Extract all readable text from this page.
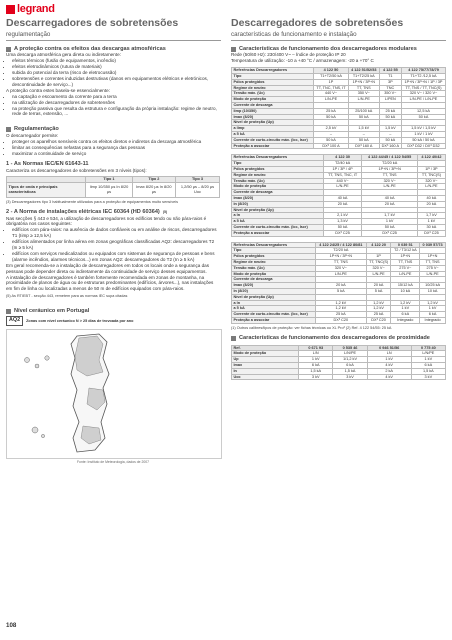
legrand
Descarregadores de sobretensões	Descarregadores de sobretensões
regulamentação	características de funcionamento e instalação
A proteção contra os efeitos das descargas atmosféricas

Uma descarga atmosférica gera direta ou indiretamente:

• efeitos térmicos (fusão de equipamentos, incêndio)
• efeitos eletrodinâmicos (rutura de materiais)
• subida do potencial da terra (risco de eletrocussão)
• sobretensões e correntes induzidas destrutivas (danos em equipamentos elétricos e eletrónicos, descontinuidade de serviço...)

A proteção contra estes basela-se essencialmente:

• na captação e escoamento da corrente para a terra
• na utilização de descarregadores de sobretensões
• na proteção passiva que resulta da estrutura e configuração da própria instalação: regime de neutro, rede de terras, extensão, ...
Regulamentação

O descarregador permite:

• proteger os aparelhos sensíveis contra os efeitos diretos e indiretos da descarga atmosférica
• limitar as consequências nefastas para a segurança das pessoas
• maximizar a continuidade de serviço
1 - As Normas IEC/EN 61643-11

Caracteriza os descarregadores de sobretensões em 3 níveis (tipos):

	Tipo 1	Tipo 2	Tipo 3
Tipos de onda e principais características	Iimp 10/350 µs In 8/20 µs	Imax 8/20 µs In 8/20 µs	1,2/50 µs – 8/20 µs Uoc

(3) Descarregadores tipo 3 habitualmente utilizados para a proteção de equipamentos muito sensíveis

2 - A Norma de instalações elétricas IEC 60364 (HD 60364) (5)

Nas secções § 443 e 534, a utilização de descarregadores nos edifícios tendo ou não pára-raios é obrigatória nos casos seguintes:

• edifícios com pára-raios: na ausência de dados confiáveis ou em análise de riscos, descarregadores T1 (Iimp ≥ 12,5 kA)
• edifícios alimentados por linha aérea em zonas geográficas classificadas AQ2: descarregadores T2 (In ≥ 5 kA)
• edifícios com serviços medicalizados ou equipados com sistemas de segurança de pessoas e bens (alarme incêndios, alarmes técnicos...) em zonas AQ2: descarregadores do T2 (In ≥ 5 kA)

Em geral recomenda-se a instalação de descarregadores em todos os locais onde a segurança das pessoas pode depender direta ou indiretamente da continuidade de serviço desses equipamentos.

A instalação de descarregadores é também fortemente recomendada em zonas de montanha, na proximidade de planos de água ou de estruturas predominantes (edifícios, árvores...), nas instalações em fim de linha ou localizadas a menos de 50 m de edifícios equipados com pára-raios.

(5) As RTIEBT - secção 443, remetem para as normas IEC supa citadas

Nível ceráunico em Portugal
AQ2	Zonas com nível ceráunico N > 25 dias de trovoada por ano
Fonte: Instituto de Meteorologia, dados de 2007
Características de funcionamento dos descarregadores modulares

Rede (50/60 Hz): 230/400 V~ – Índice de proteção IP 20

Temperatura de utilização: -10 a +40 °C / armazenagem: -20 a +70° C

Referências Descarregadores	4 122 50	4 122 51/52/53	4 122 55	4 122 75/77/78/79
Tipo	T1+T2/50 kA	T1+T2/25 kA	T1	T1+T2 /12,5 kA
Pólos protegidos	1P	1P+N / 3P+N	3P	1P+N / 3P+N / 1P / 3P
Regime de neutro	TT, TNC, TNS, IT	TT, TNS	TNC	TT, TNS / TT, TNC(S)
Tensão máx. (Uc)	440 V~	350 V~	350 V~	320 V~ / 320 V~
Modo de proteção	L/N-PE	L/N-PE	L/PEN	L/N-PE / L/N-PE
Corrente de descarga				
Iimp (10/350)	25 kA	25/100 kA	25 kA	12,5 kA
Imax (8/20)	50 kA	50 kA	50 kA	50 kA
Nível de proteção (Up)				
a Iimp	2,5 kV	1,5 kV	1,5 kV	1,5 kV / 1,5 kV
a 5 kA	–	–	–	1 kV / 1 kV
Corrente de curto-circuito máx. (Icc, Iscr)	50 kA	50 kA	50 kA	50 kA / 50 kA
Proteção a associar	DX³ 100 A	DX³ 160 A	DX³ 160 A	DX³ D32 / DX³ D32
Referências Descarregadores	4 122 30	4 122 44/45 / 4 122 54/55	4 122 40/42
Tipo	T2/40 kA	T2/20 kA	
Pólos protegidos	1P / 3P / 4P	1P+N / 3P+N	1P / 3P
Regime de neutro	TT, TNS, TNC, IT	TT, TNS	TT, TNC(S)
Tensão máx. (Uc)	440 V~	320 V~	320 V~
Modo de proteção	L/N-PE	L/N-PE	L/N-PE
Corrente de descarga			
Imax (8/20)	40 kA	40 kA	40 kA
In (8/20)	20 kA	20 kA	20 kA
Nível de proteção (Up)			
a In	2,1 kV	1,7 kV	1,7 kV
a 5 kA	1,3 kV	1 kV	1 kV
Corrente de curto-circuito máx. (Icc, Iscr)	50 kA	50 kA	30 kA
Proteção a associar	DX³ C25	DX³ C25	DX³ C25
Referências Descarregadores	4 122 24/25 / 4 122 80/81	4 122 20	0 039 51	0 039 57/73
Tipo	T2/20 kA		T2 / T3/12 kA	
Pólos protegidos	1P+N / 3P+N	1P	1P+N	1P+N
Regime de neutro	TT, TNS	TT, TNC(S)	TT, TNS	TT, TNS
Tensão máx. (Uc)	320 V~	320 V~	275 V~	275 V~
Modo de proteção	L/N-PE	L/N-PE	L/N-PE	L/N-PE
Corrente de descarga				
Imax (8/20)	20 kA	20 kA	15/12 kA	10/25 kA
In (8/20)	5 kA	5 kA	10 kA	10 kA
Nível de proteção (Up)				
a In	1,2 kV	1,2 kV	1,2 kV	1,2 kV
a 5 kA	1,2 kV	1,2 kV	1 kV	1 kV
Corrente de curto-circuito máx. (Icc, Iscr)	25 kA	25 kA	6 kA	6 kA
Proteção a associar	DX³ C20	DX³ C20	Integrado	Integrado

(1) Outros calibres/tipos de proteção: ver fichas técnicas ou XL Pro³ (2) Ref. 4 122 54/55: 25 kA

Características de funcionamento dos descarregadores de proximidade
Ref.	0 671 93	0 535 46	0 946 51/56	0 775 40
Modo de proteção	L/N	L/N/PE	LN	L/N/PE
Up	1 kV	1/1,2 kV	1 kV	1 kV
Imax	6 kA	6 kA	4 kV	6 kA
In	1,5 kA	1,5 kA	2 kA	1,5 kA
Uoc	3 kV	3 kV	4 kV	3 kV
108
